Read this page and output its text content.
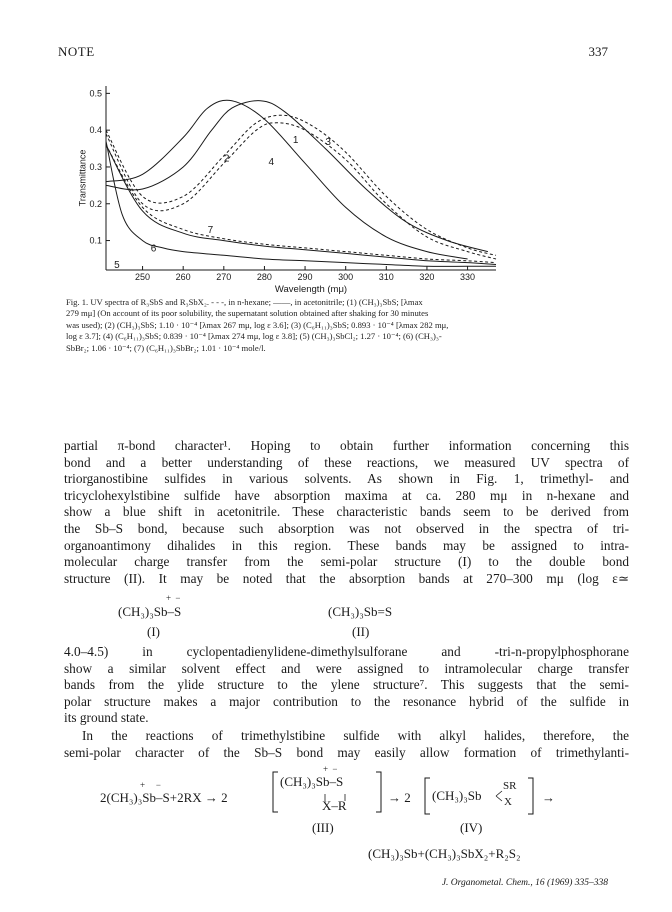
NOTE	337
250	260	270	280	290	300	310	320	330
0.1
0.2
0.3
0.4
0.5
Wavelength (mμ)
Transmittance
1
2
3
4
5
6
7
Fig. 1. UV spectra of R₃SbS and R₃SbX₂. - - -, in n-hexane; ——, in acetonitrile; (1) (CH₃)₃SbS; [λmax
279 mμ] (On account of its poor solubility, the supernatant solution obtained after shaking for 30 minutes
was used); (2) (CH₃)₃SbS; 1.10 · 10⁻⁴ [λmax 267 mμ, log ε 3.6]; (3) (C₆H₁₁)₃SbS; 0.893 · 10⁻⁴ [λmax 282 mμ,
log ε 3.7]; (4) (C₆H₁₁)₃SbS; 0.839 · 10⁻⁴ [λmax 274 mμ, log ε 3.8]; (5) (CH₃)₃SbCl₂; 1.27 · 10⁻⁴; (6) (CH₃)₃-
SbBr₂; 1.06 · 10⁻⁴; (7) (C₆H₁₁)₃SbBr₂; 1.01 · 10⁻⁴ mole/l.
partial π-bond character¹. Hoping to obtain further information concerning this
bond and a better understanding of these reactions, we measured UV spectra of
triorganostibine sulfides in various solvents. As shown in Fig. 1, trimethyl- and
tricyclohexylstibine sulfide have absorption maxima at ca. 280 mμ in n-hexane and
show a blue shift in acetonitrile. These characteristic bands seem to be derived from
the Sb–S bond, because such absorption was not observed in the spectra of tri-
organoantimony dihalides in this region. These bands may be assigned to intra-
molecular charge transfer from the semi-polar structure (I) to the double bond
structure (II). It may be noted that the absorption bands at 270–300 mμ (log ε≃
+ −
(CH₃)₃Sb–S
(I)
(CH₃)₃Sb=S
(II)
4.0–4.5) in cyclopentadienylidene-dimethylsulforane and -tri-n-propylphosphorane
show a similar solvent effect and were assigned to intramolecular charge transfer
bands from the ylide structure to the ylene structure⁷. This suggests that the semi-
polar structure makes a major contribution to the resonance hybrid of the sulfide in
its ground state.
In the reactions of trimethylstibine sulfide with alkyl halides, therefore, the
semi-polar character of the Sb–S bond may easily allow formation of trimethylanti-
+   −
2(CH₃)₃Sb–S+2RX → 2
+ −
(CH₃)₃Sb–S
X–R
→ 2 (CH₃)₃Sb
SR
X →
(III)	(IV)
(CH₃)₃Sb+(CH₃)₃SbX₂+R₂S₂
J. Organometal. Chem., 16 (1969) 335–338
